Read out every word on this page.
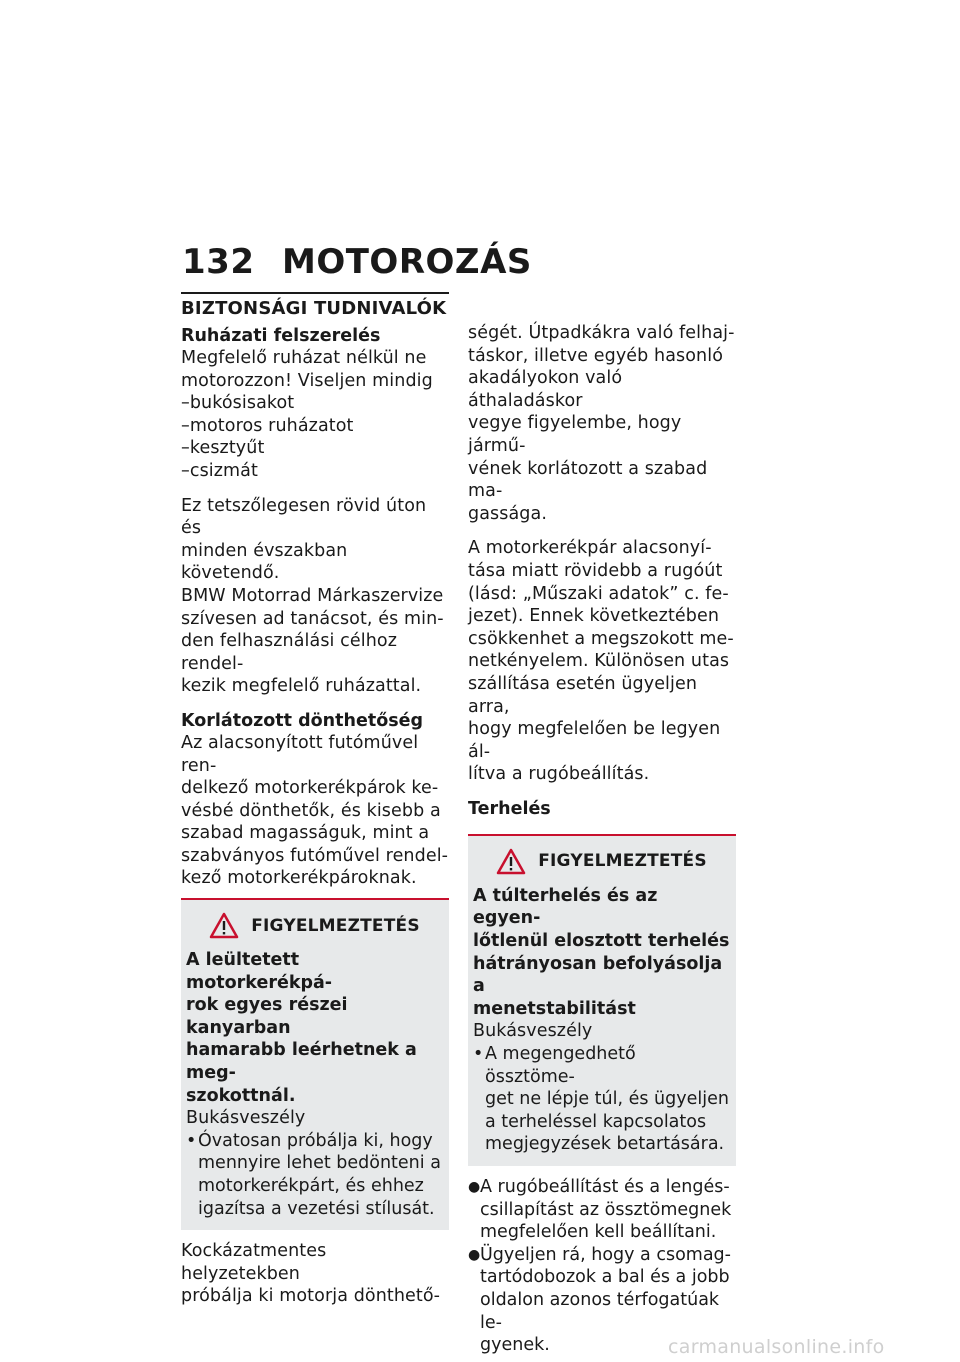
132 MOTOROZÁS
BIZTONSÁGI TUDNIVALÓK
Ruházati felszerelés
Megfelelő ruházat nélkül ne
motorozzon! Viseljen mindig
–bukósisakot
–motoros ruházatot
–kesztyűt
–csizmát
Ez tetszőlegesen rövid úton és
minden évszakban követendő.
BMW Motorrad Márkaszervize
szívesen ad tanácsot, és min-
den felhasználási célhoz rendel-
kezik megfelelő ruházattal.
Korlátozott dönthetőség
Az alacsonyított futóművel ren-
delkező motorkerékpárok ke-
vésbé dönthetők, és kisebb a
szabad magasságuk, mint a
szabványos futóművel rendel-
kező motorkerékpároknak.
FIGYELMEZTETÉS
A leültetett motorkerékpá-
rok egyes részei kanyarban
hamarabb leérhetnek a meg-
szokottnál.
Bukásveszély
• Óvatosan próbálja ki, hogy
mennyire lehet bedönteni a
motorkerékpárt, és ehhez
igazítsa a vezetési stílusát.
Kockázatmentes helyzetekben
próbálja ki motorja dönthető-
ségét. Útpadkákra való felhaj-
táskor, illetve egyéb hasonló
akadályokon való áthaladáskor
vegye figyelembe, hogy jármű-
vének korlátozott a szabad ma-
gassága.
A motorkerékpár alacsonyí-
tása miatt rövidebb a rugóút
(lásd: „Műszaki adatok” c. fe-
jezet). Ennek következtében
csökkenhet a megszokott me-
netkényelem. Különösen utas
szállítása esetén ügyeljen arra,
hogy megfelelően be legyen ál-
lítva a rugóbeállítás.
Terhelés
FIGYELMEZTETÉS
A túlterhelés és az egyen-
lőtlenül elosztott terhelés
hátrányosan befolyásolja a
menetstabilitást
Bukásveszély
• A megengedhető össztöme-
get ne lépje túl, és ügyeljen
a terheléssel kapcsolatos
megjegyzések betartására.
● A rugóbeállítást és a lengés-
csillapítást az össztömegnek
megfelelően kell beállítani.
● Ügyeljen rá, hogy a csomag-
tartódobozok a bal és a jobb
oldalon azonos térfogatúak le-
gyenek.	carmanualsonline.info
